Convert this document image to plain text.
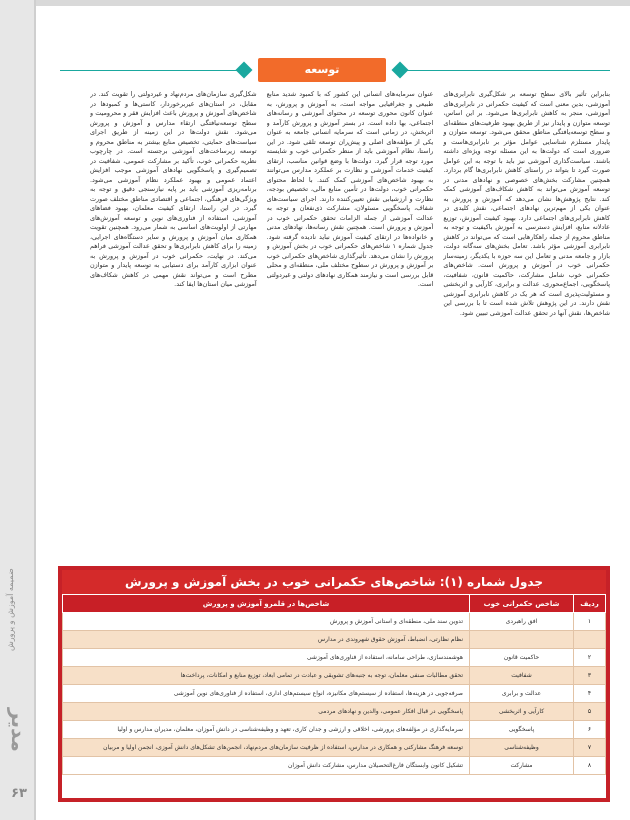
ضمیمه آموزش و پرورش
مدیر
۶۳
توسعه
بنابراین تأثیر بالای سطح توسعه بر شکل‌گیری نابرابری‌های آموزشی، بدین معنی است که کیفیت حکمرانی در نابرابری‌های آموزشی، منجر به کاهش نابرابری‌ها می‌شود. بر این اساس، توسعه متوازن و پایدار نیز از طریق بهبود ظرفیت‌های منطقه‌ای و سطح توسعه‌یافتگی مناطق محقق می‌شود. توسعه متوازن و پایدار مستلزم شناسایی عوامل مؤثر بر نابرابری‌هاست و ضروری است که دولت‌ها به این مسئله توجه ویژه‌ای داشته باشند. سیاست‌گذاری آموزشی نیز باید با توجه به این عوامل صورت گیرد تا بتواند در راستای کاهش نابرابری‌ها گام بردارد. همچنین مشارکت بخش‌های خصوصی و نهادهای مدنی در توسعه آموزش می‌تواند به کاهش شکاف‌های آموزشی کمک کند. نتایج پژوهش‌ها نشان می‌دهد که آموزش و پرورش به عنوان یکی از مهم‌ترین نهادهای اجتماعی، نقش کلیدی در کاهش نابرابری‌های اجتماعی دارد. بهبود کیفیت آموزش، توزیع عادلانه منابع، افزایش دسترسی به آموزش باکیفیت و توجه به مناطق محروم از جمله راهکارهایی است که می‌تواند در کاهش نابرابری آموزشی مؤثر باشد. تعامل بخش‌های سه‌گانه دولت، بازار و جامعه مدنی و تعامل این سه حوزه با یکدیگر، زمینه‌ساز حکمرانی خوب در آموزش و پرورش است. شاخص‌های حکمرانی خوب شامل مشارکت، حاکمیت قانون، شفافیت، پاسخگویی، اجماع‌محوری، عدالت و برابری، کارآیی و اثربخشی و مسئولیت‌پذیری است که هر یک در کاهش نابرابری آموزشی نقش دارند. در این پژوهش تلاش شده است تا با بررسی این شاخص‌ها، نقش آنها در تحقق عدالت آموزشی تبیین شود.
عنوان سرمایه‌های انسانی این کشور که با کمبود شدید منابع طبیعی و جغرافیایی مواجه است، به آموزش و پرورش، به عنوان کانون محوری توسعه در محتوای آموزشی و رسانه‌های اجتماعی، بها داده است. در بستر آموزش و پرورش کارآمد و اثربخش، در زمانی است که سرمایه انسانی جامعه به عنوان یکی از مؤلفه‌های اصلی و پیش‌ران توسعه تلقی شود. در این راستا، نظام آموزشی باید از منظر حکمرانی خوب و شایسته مورد توجه قرار گیرد. دولت‌ها با وضع قوانین مناسب، ارتقای کیفیت خدمات آموزشی و نظارت بر عملکرد مدارس می‌توانند به بهبود شاخص‌های آموزشی کمک کنند. با لحاظ محتوای حکمرانی خوب، دولت‌ها در تأمین منابع مالی، تخصیص بودجه، نظارت و ارزشیابی نقش تعیین‌کننده دارند. اجرای سیاست‌های شفاف، پاسخگویی مسئولان، مشارکت ذی‌نفعان و توجه به عدالت آموزشی از جمله الزامات تحقق حکمرانی خوب در آموزش و پرورش است. همچنین نقش رسانه‌ها، نهادهای مدنی و خانواده‌ها در ارتقای کیفیت آموزش نباید نادیده گرفته شود. جدول شماره ۱ شاخص‌های حکمرانی خوب در بخش آموزش و پرورش را نشان می‌دهد. تأثیرگذاری شاخص‌های حکمرانی خوب بر آموزش و پرورش در سطوح مختلف ملی، منطقه‌ای و محلی قابل بررسی است و نیازمند همکاری نهادهای دولتی و غیردولتی است.
شکل‌گیری سازمان‌های مردم‌نهاد و غیردولتی را تقویت کند. در مقابل، در استان‌های غیربرخوردار، کاستی‌ها و کمبودها در شاخص‌های آموزش و پرورش باعث افزایش فقر و محرومیت و سطح توسعه‌نیافتگی ارتقاء مدارس و آموزش و پرورش می‌شود. نقش دولت‌ها در این زمینه از طریق اجرای سیاست‌های حمایتی، تخصیص منابع بیشتر به مناطق محروم و توسعه زیرساخت‌های آموزشی برجسته است. در چارچوب نظریه حکمرانی خوب، تأکید بر مشارکت عمومی، شفافیت در تصمیم‌گیری و پاسخگویی نهادهای آموزشی موجب افزایش اعتماد عمومی و بهبود عملکرد نظام آموزشی می‌شود. برنامه‌ریزی آموزشی باید بر پایه نیازسنجی دقیق و توجه به ویژگی‌های فرهنگی، اجتماعی و اقتصادی مناطق مختلف صورت گیرد. در این راستا، ارتقای کیفیت معلمان، بهبود فضاهای آموزشی، استفاده از فناوری‌های نوین و توسعه آموزش‌های مهارتی از اولویت‌های اساسی به شمار می‌رود. همچنین تقویت همکاری میان آموزش و پرورش و سایر دستگاه‌های اجرایی، زمینه را برای کاهش نابرابری‌ها و تحقق عدالت آموزشی فراهم می‌کند. در نهایت، حکمرانی خوب در آموزش و پرورش به عنوان ابزاری کارآمد برای دستیابی به توسعه پایدار و متوازن مطرح است و می‌تواند نقش مهمی در کاهش شکاف‌های آموزشی میان استان‌ها ایفا کند.
جدول شماره (۱): شاخص‌های حکمرانی خوب در بخش آموزش و پرورش
ردیف	شاخص حکمرانی خوب	شاخص‌ها در قلمرو آموزش و پرورش
۱	افق راهبردی	تدوین سند ملی، منطقه‌ای و استانی آموزش و پرورش
		نظام نظارتی، انضباط، آموزش حقوق شهروندی در مدارس
۲	حاکمیت قانون	هوشمندسازی، طراحی سامانه، استفاده از فناوری‌های آموزشی
۳	شفافیت	تحقق مطالبات صنفی معلمان، توجه به جنبه‌های تشویقی و عبادت در تمامی ابعاد، توزیع منابع و امکانات، پرداخت‌ها
۴	عدالت و برابری	صرفه‌جویی در هزینه‌ها، استفاده از سیستم‌های مکانیزه، انواع سیستم‌های اداری، استفاده از فناوری‌های نوین آموزشی
۵	کارآیی و اثربخشی	پاسخگویی در قبال افکار عمومی، والدین و نهادهای مردمی
۶	پاسخگویی	سرمایه‌گذاری در مؤلفه‌های پرورشی، اخلاقی و ارزشی و جدان کاری، تعهد و وظیفه‌شناسی در دانش آموزان، معلمان، مدیران مدارس و اولیا
۷	وظیفه‌شناسی	توسعه فرهنگ مشارکتی و همکاری در مدارس، استفاده از ظرفیت سازمان‌های مردم‌نهاد، انجمن‌های تشکل‌های دانش آموزی، انجمن اولیا و مربیان
۸	مشارکت	تشکیل کانون وابستگان فارغ‌التحصیلان مدارس، مشارکت دانش آموزان
